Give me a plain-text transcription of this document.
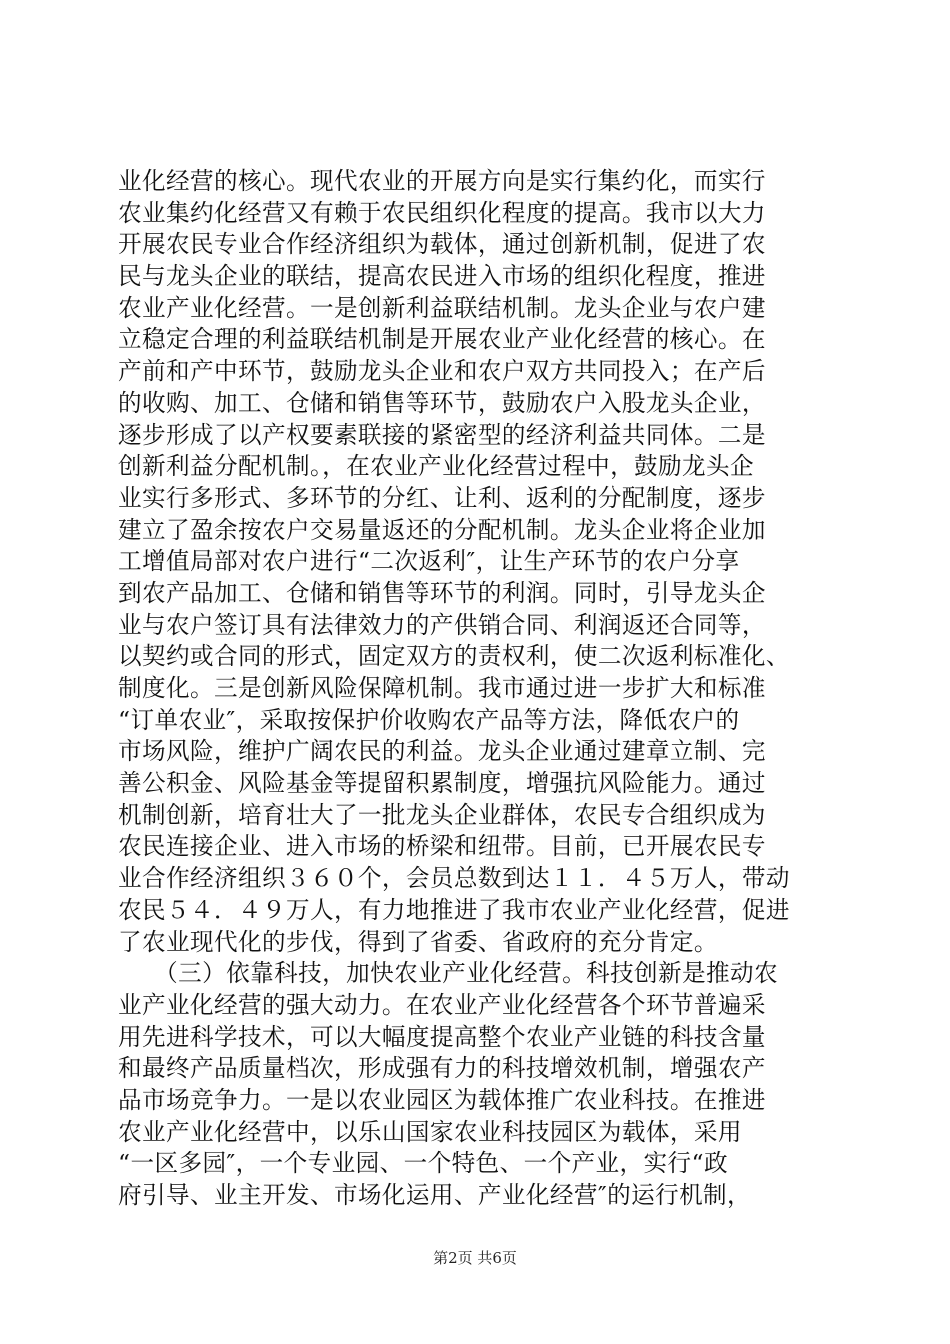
业化经营的核心。现代农业的开展方向是实行集约化，而实行
农业集约化经营又有赖于农民组织化程度的提高。我市以大力
开展农民专业合作经济组织为载体，通过创新机制，促进了农
民与龙头企业的联结，提高农民进入市场的组织化程度，推进
农业产业化经营。一是创新利益联结机制。龙头企业与农户建
立稳定合理的利益联结机制是开展农业产业化经营的核心。在
产前和产中环节，鼓励龙头企业和农户双方共同投入；在产后
的收购、加工、仓储和销售等环节，鼓励农户入股龙头企业，
逐步形成了以产权要素联接的紧密型的经济利益共同体。二是
创新利益分配机制。，在农业产业化经营过程中，鼓励龙头企
业实行多形式、多环节的分红、让利、返利的分配制度，逐步
建立了盈余按农户交易量返还的分配机制。龙头企业将企业加
工增值局部对农户进行“二次返利″，让生产环节的农户分享
到农产品加工、仓储和销售等环节的利润。同时，引导龙头企
业与农户签订具有法律效力的产供销合同、利润返还合同等，
以契约或合同的形式，固定双方的责权利，使二次返利标准化、
制度化。三是创新风险保障机制。我市通过进一步扩大和标准
“订单农业″，采取按保护价收购农产品等方法，降低农户的
市场风险，维护广阔农民的利益。龙头企业通过建章立制、完
善公积金、风险基金等提留积累制度，增强抗风险能力。通过
机制创新，培育壮大了一批龙头企业群体，农民专合组织成为
农民连接企业、进入市场的桥梁和纽带。目前，已开展农民专
业合作经济组织３６０个，会员总数到达１１．４５万人，带动
农民５４．４９万人，有力地推进了我市农业产业化经营，促进
了农业现代化的步伐，得到了省委、省政府的充分肯定。
　　（三）依靠科技，加快农业产业化经营。科技创新是推动农
业产业化经营的强大动力。在农业产业化经营各个环节普遍采
用先进科学技术，可以大幅度提高整个农业产业链的科技含量
和最终产品质量档次，形成强有力的科技增效机制，增强农产
品市场竞争力。一是以农业园区为载体推广农业科技。在推进
农业产业化经营中，以乐山国家农业科技园区为载体，采用
“一区多园″，一个专业园、一个特色、一个产业，实行“政
府引导、业主开发、市场化运用、产业化经营″的运行机制，
第2页 共6页
